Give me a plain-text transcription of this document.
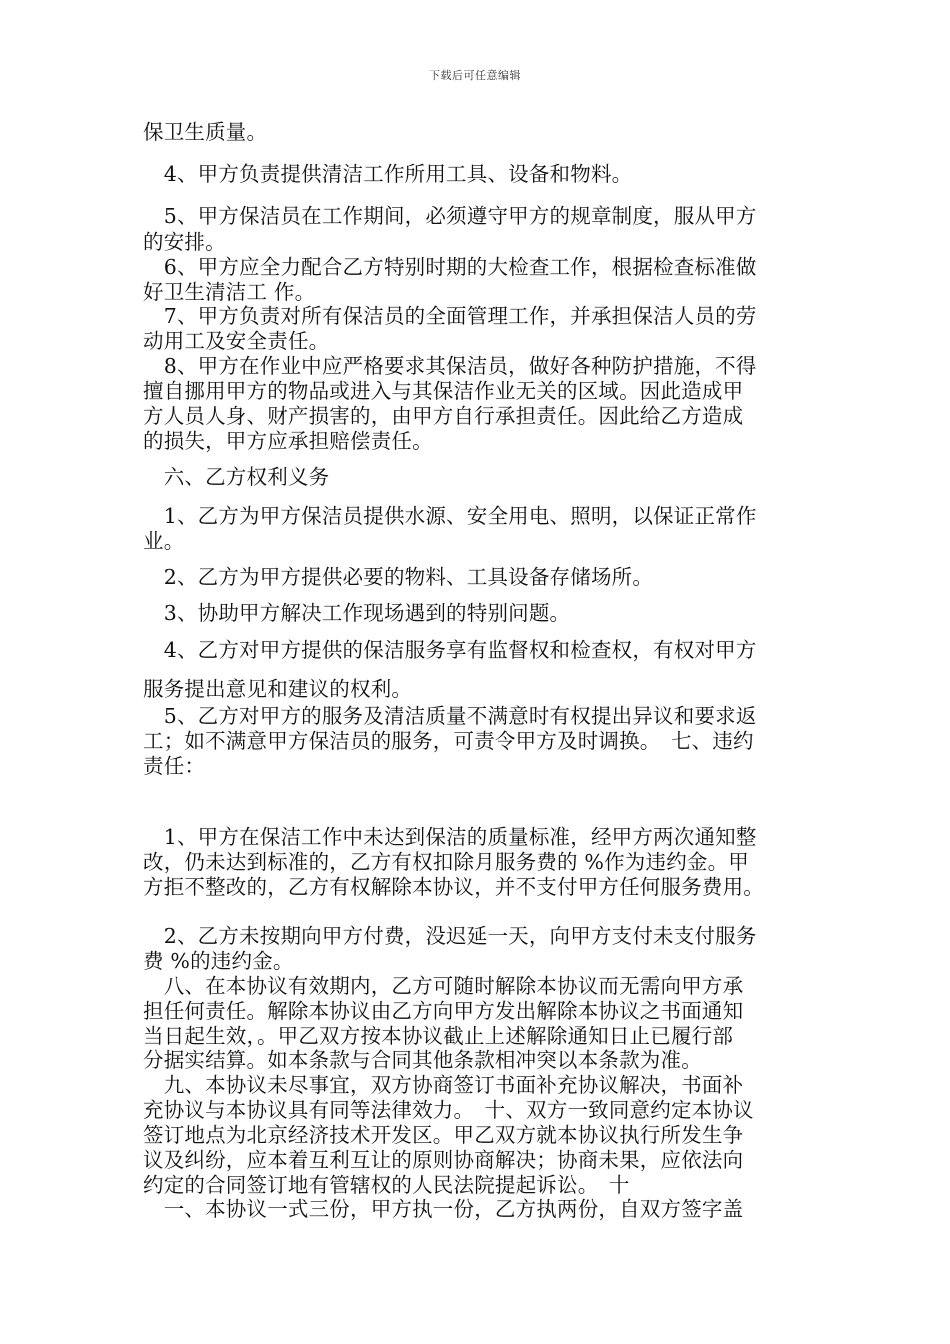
下载后可任意编辑
保卫生质量。
　4、甲方负责提供清洁工作所用工具、设备和物料。
　5、甲方保洁员在工作期间，必须遵守甲方的规章制度，服从甲方
的安排。
　6、甲方应全力配合乙方特别时期的大检查工作，根据检查标准做
好卫生清洁工 作。
　7、甲方负责对所有保洁员的全面管理工作，并承担保洁人员的劳
动用工及安全责任。
　8、甲方在作业中应严格要求其保洁员，做好各种防护措施，不得
擅自挪用甲方的物品或进入与其保洁作业无关的区域。因此造成甲
方人员人身、财产损害的，由甲方自行承担责任。因此给乙方造成
的损失，甲方应承担赔偿责任。
　六、乙方权利义务
　1、乙方为甲方保洁员提供水源、安全用电、照明，以保证正常作
业。
　2、乙方为甲方提供必要的物料、工具设备存储场所。
　3、协助甲方解决工作现场遇到的特别问题。
　4、乙方对甲方提供的保洁服务享有监督权和检查权，有权对甲方
服务提出意见和建议的权利。
　5、乙方对甲方的服务及清洁质量不满意时有权提出异议和要求返
工；如不满意甲方保洁员的服务，可责令甲方及时调换。　七、违约
责任：
　1、甲方在保洁工作中未达到保洁的质量标准，经甲方两次通知整
改，仍未达到标准的，乙方有权扣除月服务费的 %作为违约金。甲
方拒不整改的，乙方有权解除本协议，并不支付甲方任何服务费用。
　2、乙方未按期向甲方付费，没迟延一天，向甲方支付未支付服务
费 %的违约金。
　八、在本协议有效期内，乙方可随时解除本协议而无需向甲方承
担任何责任。解除本协议由乙方向甲方发出解除本协议之书面通知
当日起生效，。甲乙双方按本协议截止上述解除通知日止已履行部
分据实结算。如本条款与合同其他条款相冲突以本条款为准。
　九、本协议未尽事宜，双方协商签订书面补充协议解决，书面补
充协议与本协议具有同等法律效力。　十、双方一致同意约定本协议
签订地点为北京经济技术开发区。甲乙双方就本协议执行所发生争
议及纠纷，应本着互利互让的原则协商解决；协商未果，应依法向
约定的合同签订地有管辖权的人民法院提起诉讼。　十
　一、本协议一式三份，甲方执一份，乙方执两份，自双方签字盖
